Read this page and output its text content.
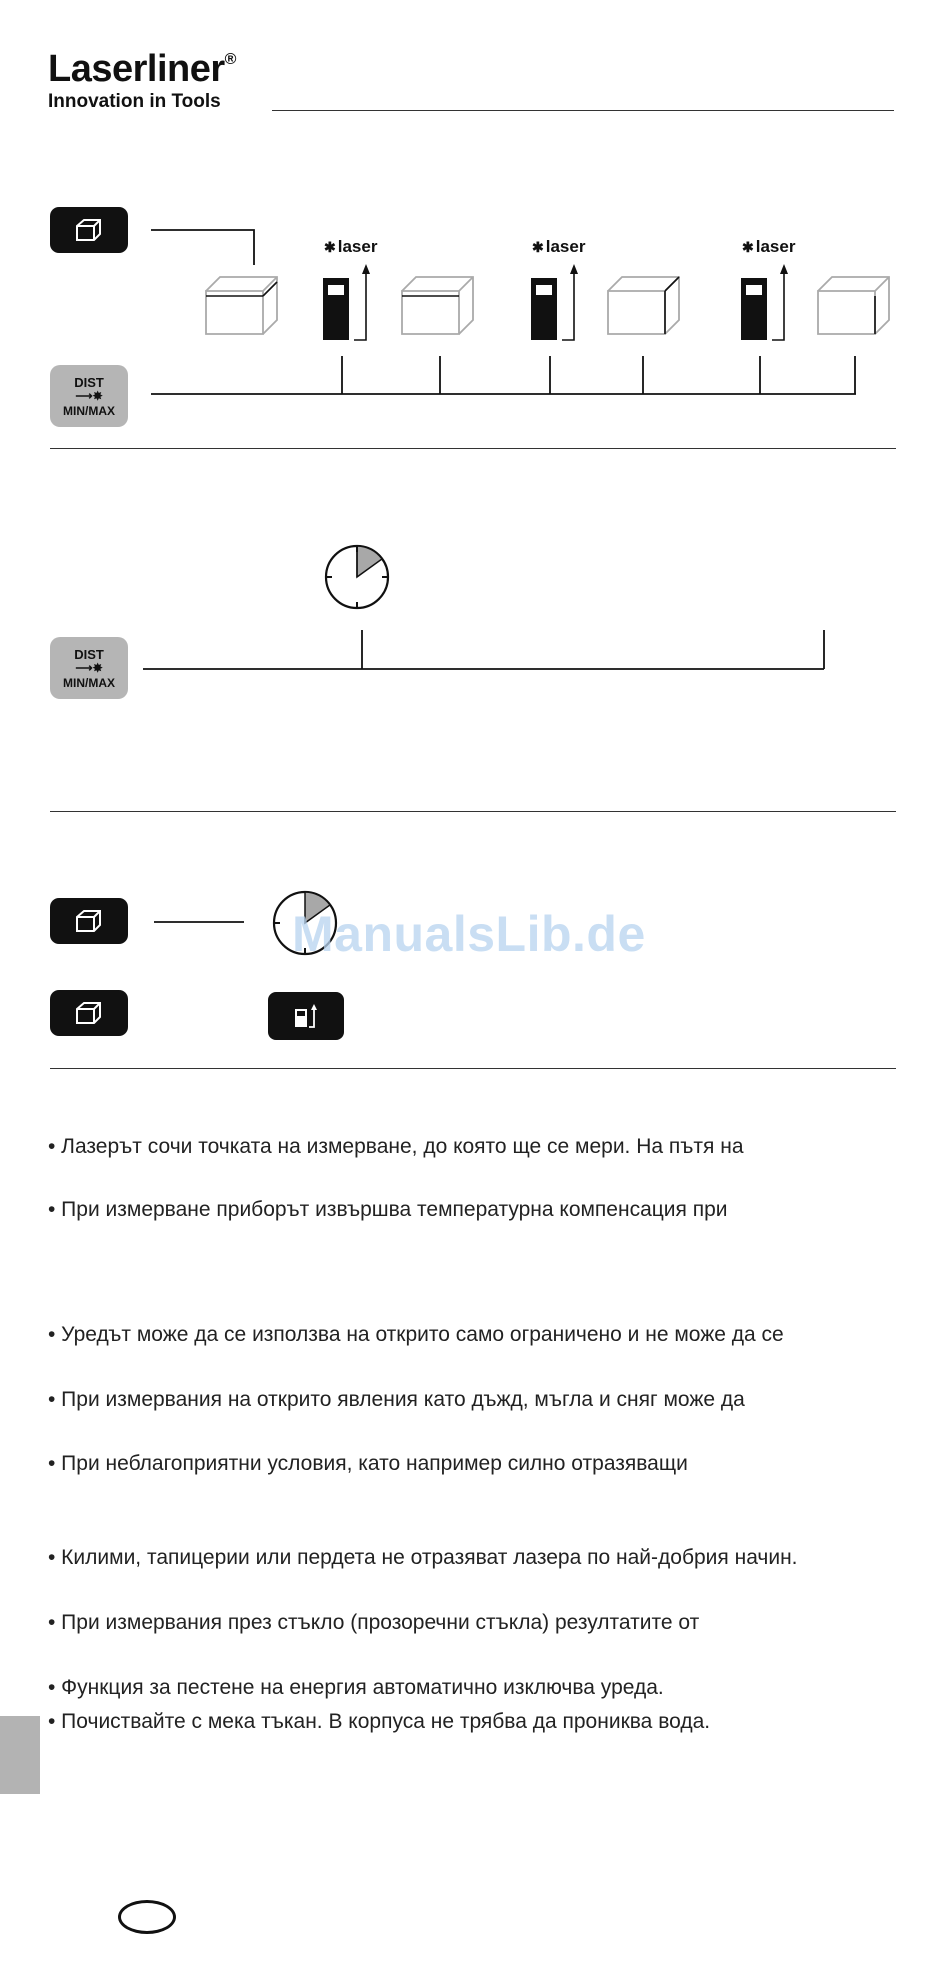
Laserliner®
Innovation in Tools
DIST
⟶✸
MIN/MAX
✱ laser	✱ laser	✱ laser
DIST
⟶✸
MIN/MAX
ManualsLib.de
• Лазерът сочи точката на измерване, до която ще се мери. На пътя на
• При измерване приборът извършва температурна компенсация при
• Уредът може да се използва на открито само ограничено и не може да се
• При измервания на открито явления като дъжд, мъгла и сняг може да
• При неблагоприятни условия, като например силно отразяващи
• Килими, тапицерии или пердета не отразяват лазера по най-добрия начин.
• При измервания през стъкло (прозоречни стъкла) резултатите от
• Функция за пестене на енергия автоматично изключва уреда.
• Почиствайте с мека тъкан. В корпуса не трябва да прониква вода.
